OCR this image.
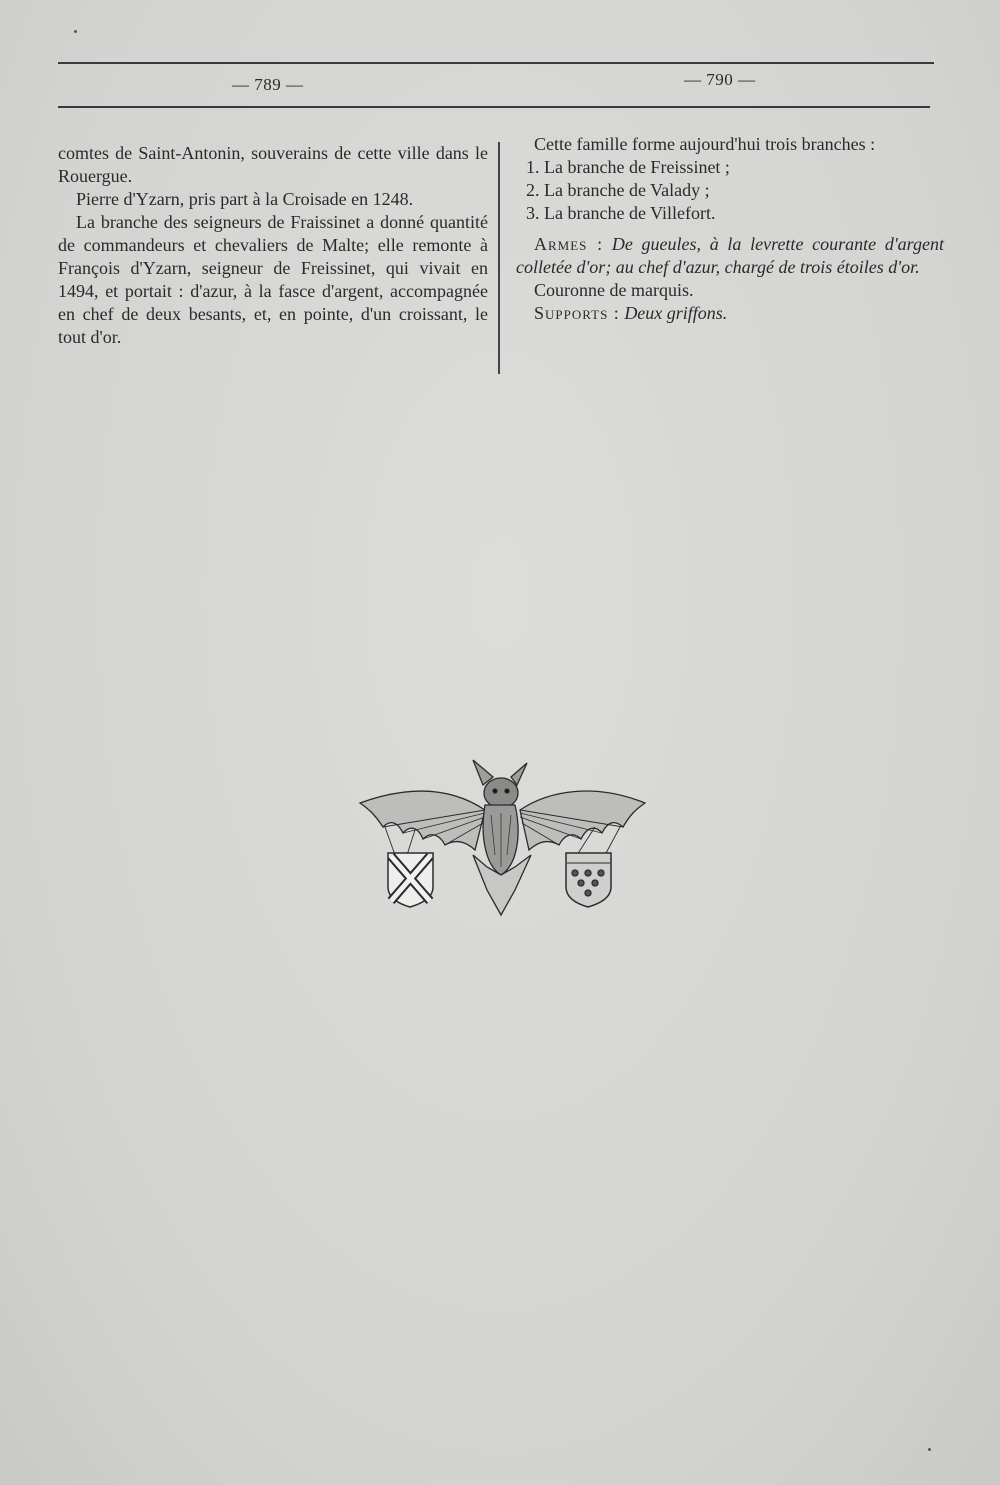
— 789 —	— 790 —

comtes de Saint-Antonin, souverains de cette ville dans le Rouergue.

Pierre d'Yzarn, pris part à la Croisade en 1248.

La branche des seigneurs de Fraissinet a donné quantité de commandeurs et chevaliers de Malte; elle remonte à François d'Yzarn, seigneur de Freissinet, qui vivait en 1494, et portait : d'azur, à la fasce d'argent, accompagnée en chef de deux besants, et, en pointe, d'un croissant, le tout d'or.

Cette famille forme aujourd'hui trois branches :

1. La branche de Freissinet ;

2. La branche de Valady ;

3. La branche de Villefort.

Armes : De gueules, à la levrette courante d'argent colletée d'or; au chef d'azur, chargé de trois étoiles d'or.

Couronne de marquis.

Supports : Deux griffons.
